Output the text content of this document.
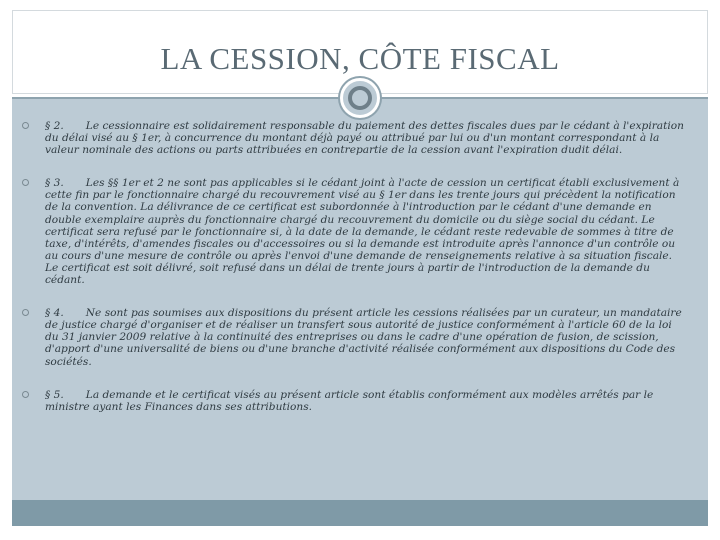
LA CESSION, CÔTE FISCAL
§ 2. Le cessionnaire est solidairement responsable du paiement des dettes fiscales dues par le cédant à l'expiration du délai visé au § 1er, à concurrence du montant déjà payé ou attribué par lui ou d'un montant correspondant à la valeur nominale des actions ou parts attribuées en contrepartie de la cession avant l'expiration dudit délai.
§ 3. Les §§ 1er et 2 ne sont pas applicables si le cédant joint à l'acte de cession un certificat établi exclusivement à cette fin par le fonctionnaire chargé du recouvrement visé au § 1er dans les trente jours qui précèdent la notification de la convention. La délivrance de ce certificat est subordonnée à l'introduction par le cédant d'une demande en double exemplaire auprès du fonctionnaire chargé du recouvrement du domicile ou du siège social du cédant. Le certificat sera refusé par le fonctionnaire si, à la date de la demande, le cédant reste redevable de sommes à titre de taxe, d'intérêts, d'amendes fiscales ou d'accessoires ou si la demande est introduite après l'annonce d'un contrôle ou au cours d'une mesure de contrôle ou après l'envoi d'une demande de renseignements relative à sa situation fiscale. Le certificat est soit délivré, soit refusé dans un délai de trente jours à partir de l'introduction de la demande du cédant.
§ 4. Ne sont pas soumises aux dispositions du présent article les cessions réalisées par un curateur, un mandataire de justice chargé d'organiser et de réaliser un transfert sous autorité de justice conformément à l'article 60 de la loi du 31 janvier 2009 relative à la continuité des entreprises ou dans le cadre d'une opération de fusion, de scission, d'apport d'une universalité de biens ou d'une branche d'activité réalisée conformément aux dispositions du Code des sociétés.
§ 5. La demande et le certificat visés au présent article sont établis conformément aux modèles arrêtés par le ministre ayant les Finances dans ses attributions.
